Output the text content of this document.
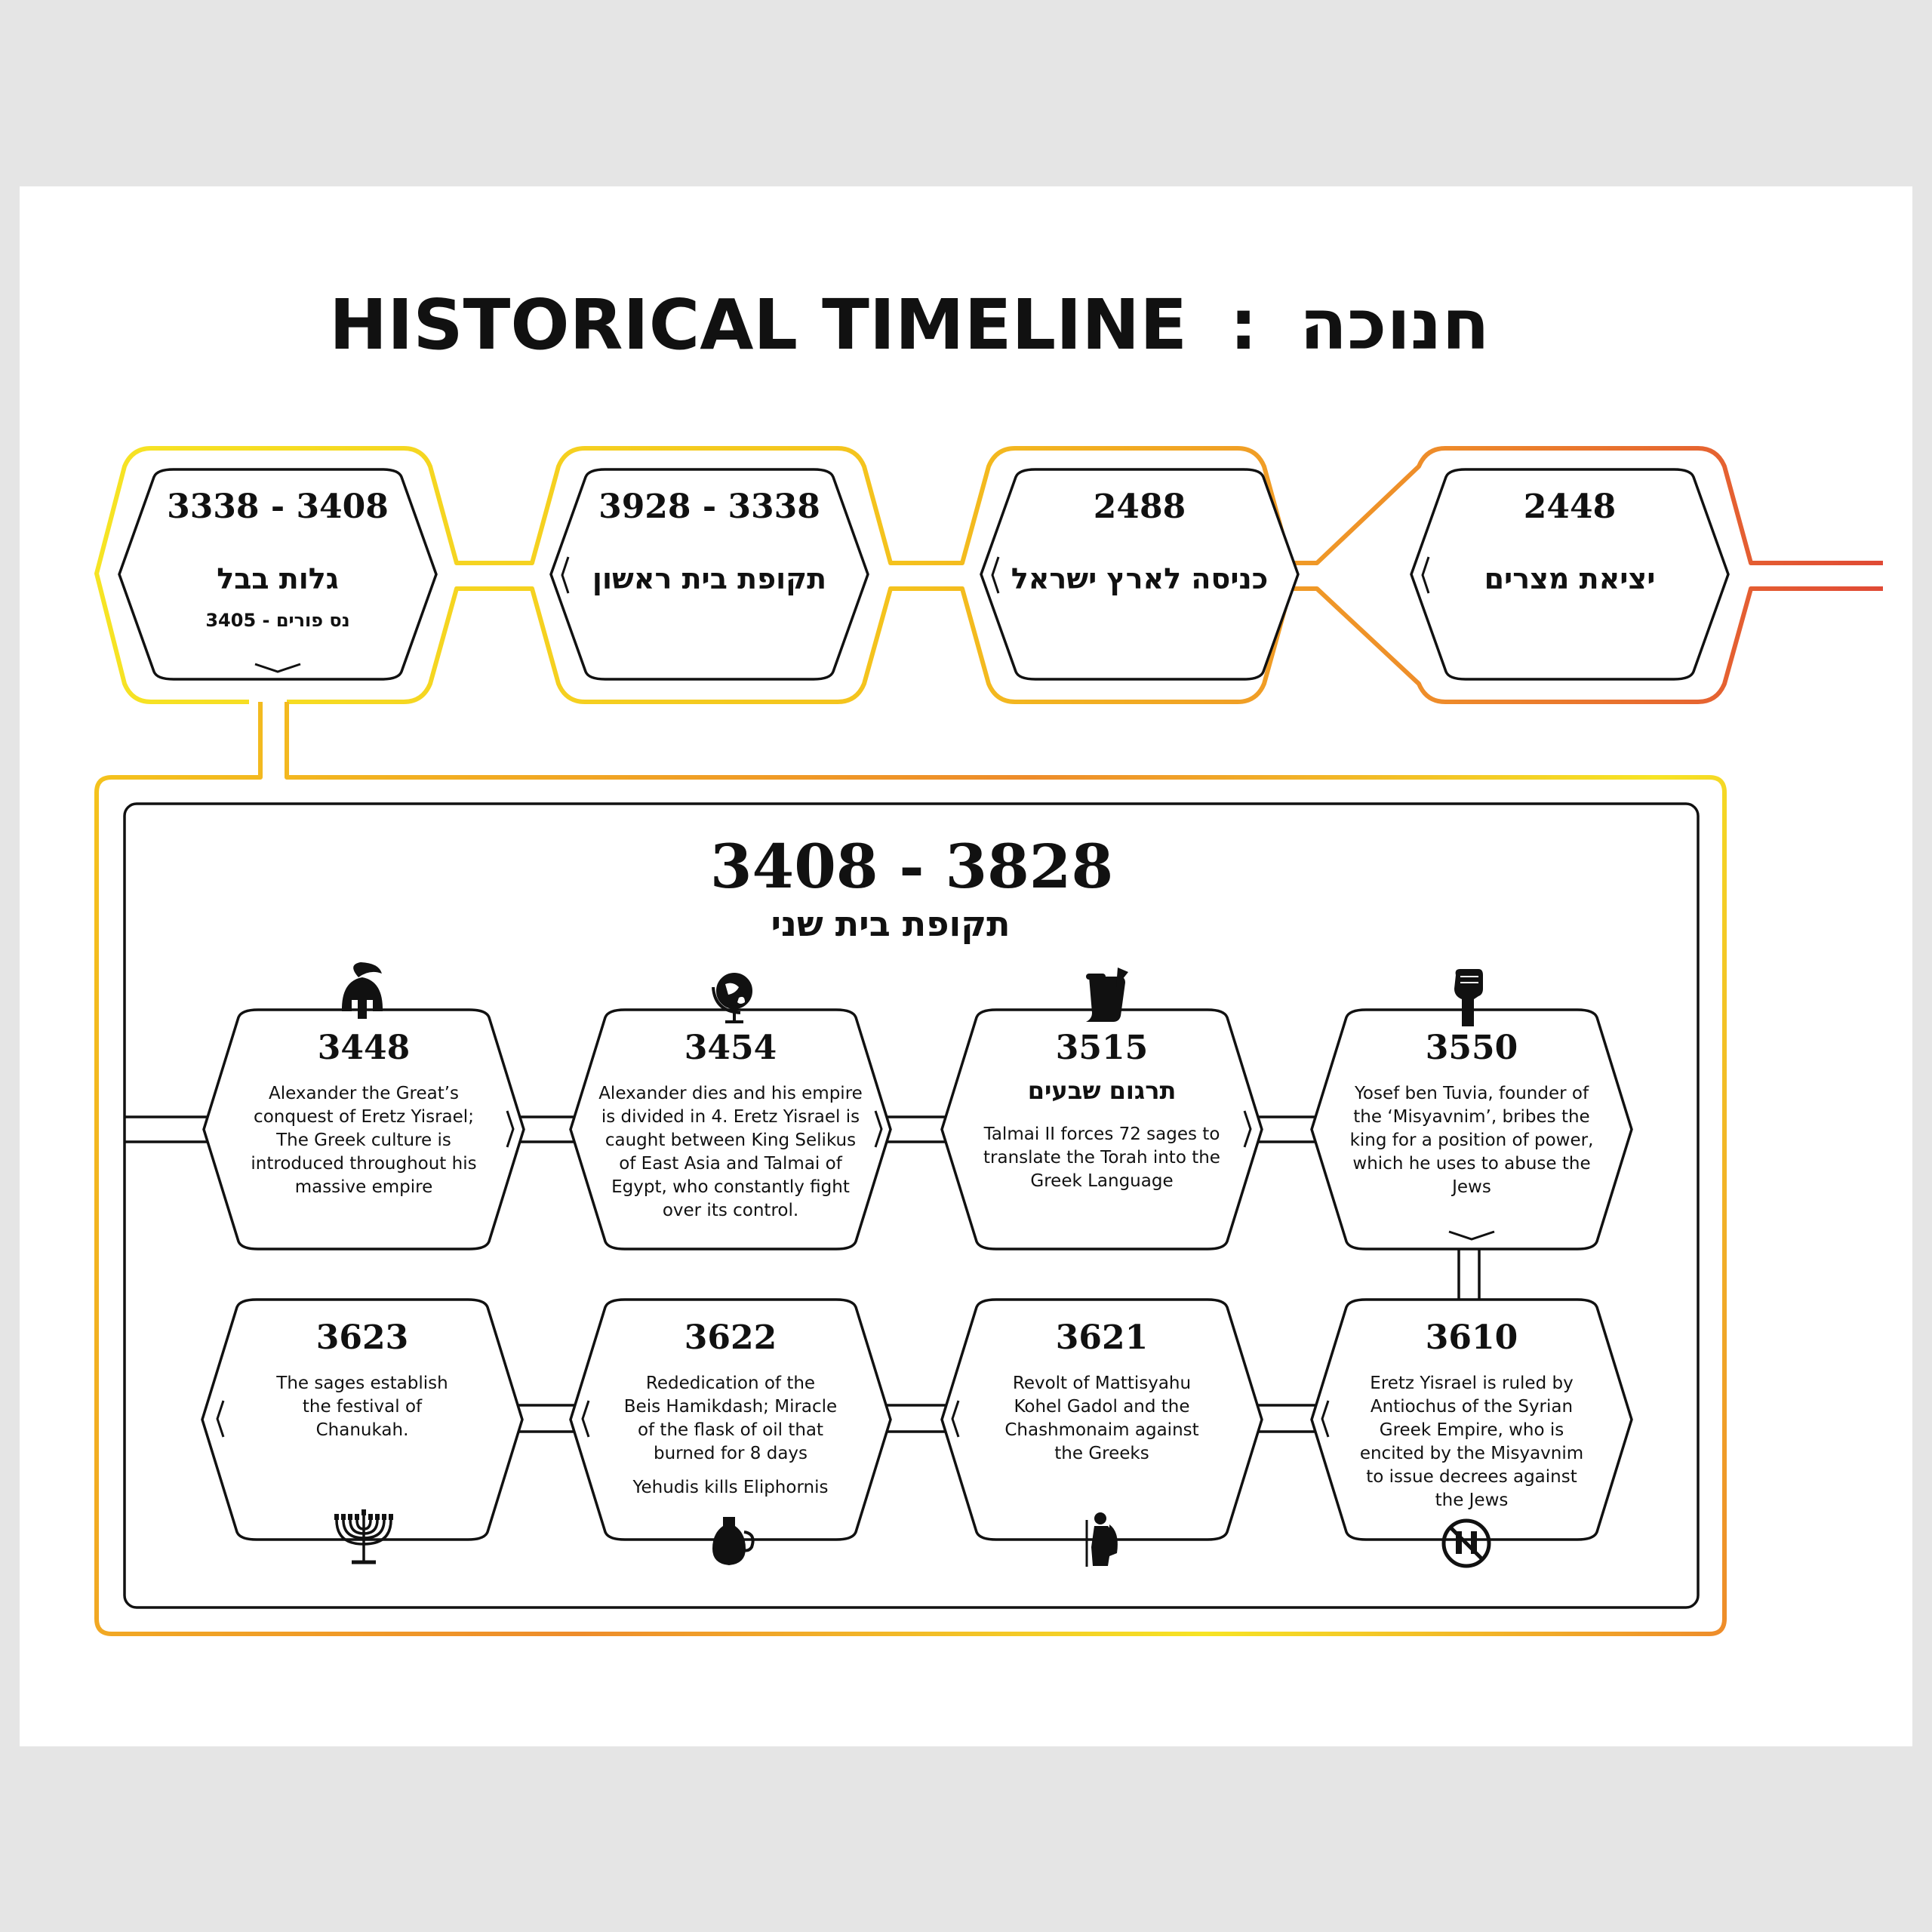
HISTORICAL TIMELINE : חנוכה
2448
יציאת מצרים
2488
כניסה לארץ ישראל
3928 - 3338
תקופת בית ראשון
3338 - 3408
גלות בבל
נס פורים - 3405
3408 - 3828
תקופת בית שני
3448
Alexander the Great’s
conquest of Eretz Yisrael;
The Greek culture is
introduced throughout his
massive empire
3454
Alexander dies and his empire
is divided in 4. Eretz Yisrael is
caught between King Selikus
of East Asia and Talmai of
Egypt, who constantly fight
over its control.
3515
תרגום שבעים
Talmai II forces 72 sages to
translate the Torah into the
Greek Language
3550
Yosef ben Tuvia, founder of
the ‘Misyavnim’, bribes the
king for a position of power,
which he uses to abuse the
Jews
3610
Eretz Yisrael is ruled by
Antiochus of the Syrian
Greek Empire, who is
encited by the Misyavnim
to issue decrees against
the Jews
3621
Revolt of Mattisyahu
Kohel Gadol and the
Chashmonaim against
the Greeks
3622
Rededication of the
Beis Hamikdash; Miracle
of the flask of oil that
burned for 8 days
Yehudis kills Eliphornis
3623
The sages establish
the festival of
Chanukah.
